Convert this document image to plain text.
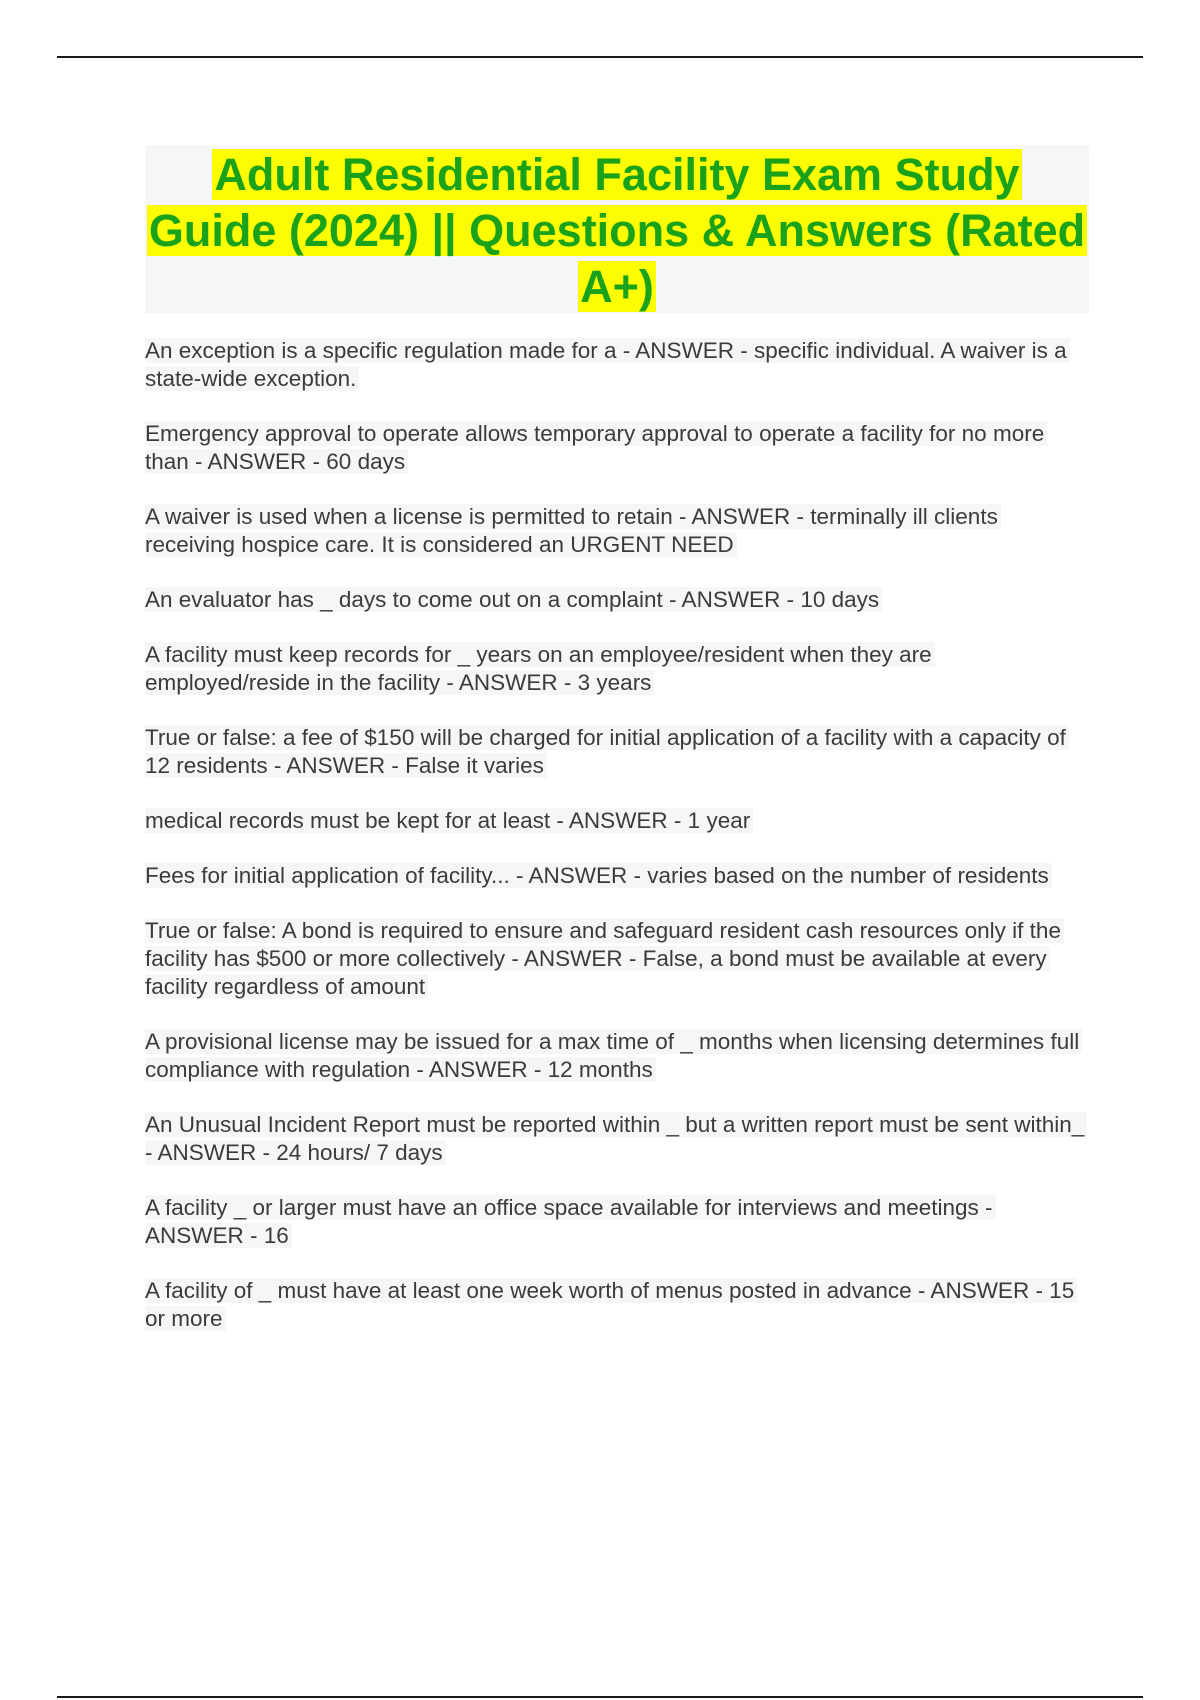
Adult Residential Facility Exam Study Guide (2024) || Questions & Answers (Rated A+)

An exception is a specific regulation made for a - ANSWER - specific individual. A waiver is a state-wide exception.

Emergency approval to operate allows temporary approval to operate a facility for no more than - ANSWER - 60 days

A waiver is used when a license is permitted to retain - ANSWER - terminally ill clients receiving hospice care. It is considered an URGENT NEED

An evaluator has _ days to come out on a complaint - ANSWER - 10 days

A facility must keep records for _ years on an employee/resident when they are employed/reside in the facility - ANSWER - 3 years

True or false: a fee of $150 will be charged for initial application of a facility with a capacity of 12 residents - ANSWER - False it varies

medical records must be kept for at least - ANSWER - 1 year

Fees for initial application of facility... - ANSWER - varies based on the number of residents

True or false: A bond is required to ensure and safeguard resident cash resources only if the facility has $500 or more collectively - ANSWER - False, a bond must be available at every facility regardless of amount

A provisional license may be issued for a max time of _ months when licensing determines full compliance with regulation - ANSWER - 12 months

An Unusual Incident Report must be reported within _ but a written report must be sent within_ - ANSWER - 24 hours/ 7 days

A facility _ or larger must have an office space available for interviews and meetings - ANSWER - 16

A facility of _ must have at least one week worth of menus posted in advance - ANSWER - 15 or more
